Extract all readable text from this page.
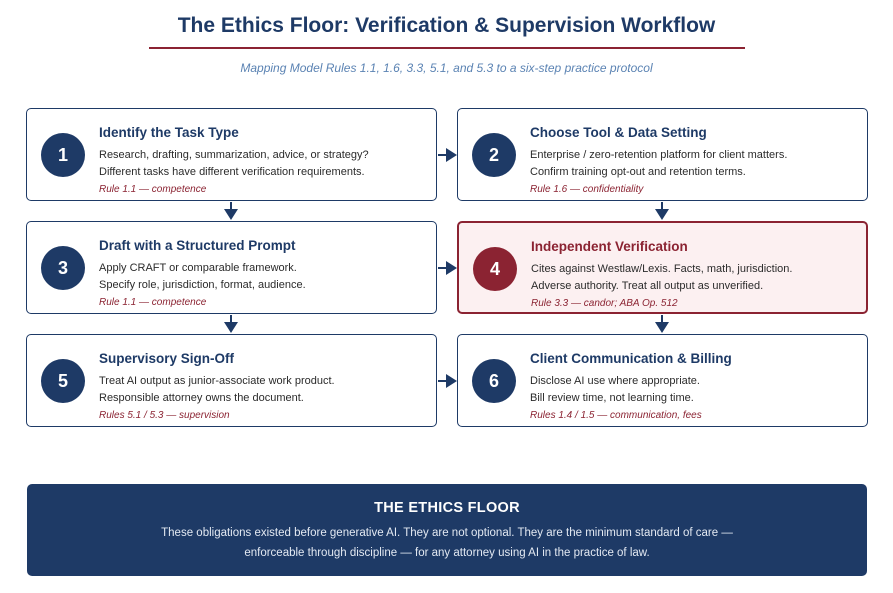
The Ethics Floor: Verification & Supervision Workflow
Mapping Model Rules 1.1, 1.6, 3.3, 5.1, and 5.3 to a six-step practice protocol
1
Identify the Task Type
Research, drafting, summarization, advice, or strategy?
Different tasks have different verification requirements.
Rule 1.1 — competence
2
Choose Tool & Data Setting
Enterprise / zero-retention platform for client matters.
Confirm training opt-out and retention terms.
Rule 1.6 — confidentiality
3
Draft with a Structured Prompt
Apply CRAFT or comparable framework.
Specify role, jurisdiction, format, audience.
Rule 1.1 — competence
4
Independent Verification
Cites against Westlaw/Lexis. Facts, math, jurisdiction.
Adverse authority. Treat all output as unverified.
Rule 3.3 — candor; ABA Op. 512
5
Supervisory Sign-Off
Treat AI output as junior-associate work product.
Responsible attorney owns the document.
Rules 5.1 / 5.3 — supervision
6
Client Communication & Billing
Disclose AI use where appropriate.
Bill review time, not learning time.
Rules 1.4 / 1.5 — communication, fees
THE ETHICS FLOOR
These obligations existed before generative AI. They are not optional. They are the minimum standard of care —
enforceable through discipline — for any attorney using AI in the practice of law.
